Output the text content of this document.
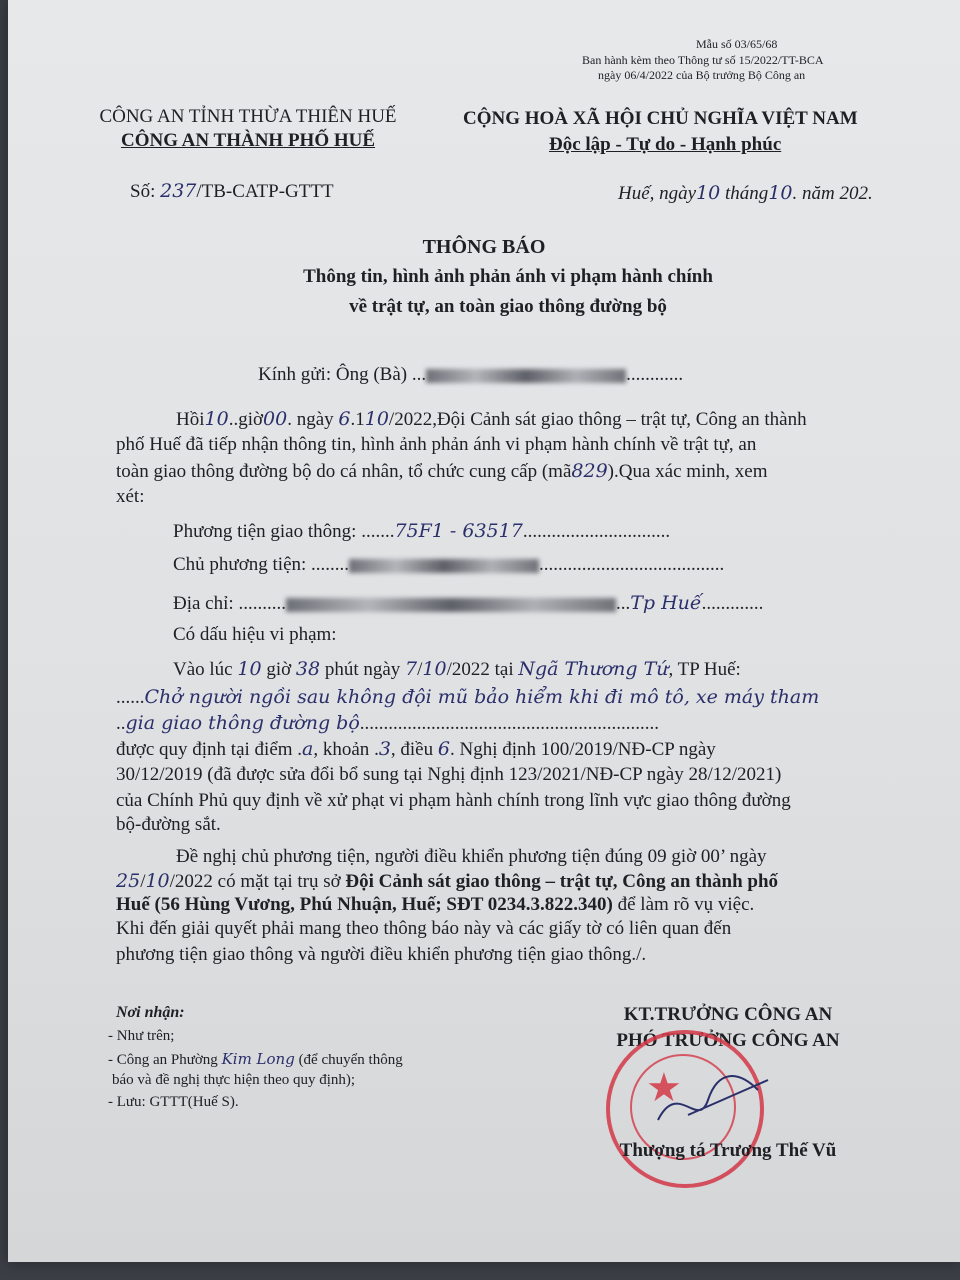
Mẫu số 03/65/68
Ban hành kèm theo Thông tư số 15/2022/TT-BCA
ngày 06/4/2022 của Bộ trưởng Bộ Công an
CÔNG AN TỈNH THỪA THIÊN HUẾ
CÔNG AN THÀNH PHỐ HUẾ
CỘNG HOÀ XÃ HỘI CHỦ NGHĨA VIỆT NAM
Độc lập - Tự do - Hạnh phúc
Số: 237/TB-CATP-GTTT	Huế, ngày10 tháng10. năm 202.
THÔNG BÁO
Thông tin, hình ảnh phản ánh vi phạm hành chính
về trật tự, an toàn giao thông đường bộ
Kính gửi: Ông (Bà) ...	............
Hồi10..giờ00. ngày 6.110/2022,Đội Cảnh sát giao thông – trật tự, Công an thành
phố Huế đã tiếp nhận thông tin, hình ảnh phản ánh vi phạm hành chính về trật tự, an
toàn giao thông đường bộ do cá nhân, tổ chức cung cấp (mã829).Qua xác minh, xem
xét:
Phương tiện giao thông: .......75F1 - 63517...............................
Chủ phương tiện: ........	.......................................
Địa chỉ: ..........	...Tp Huế.............
Có dấu hiệu vi phạm:
Vào lúc 10 giờ 38 phút ngày 7/10/2022 tại Ngã Thương Tứ, TP Huế:
......Chở người ngồi sau không đội mũ bảo hiểm khi đi mô tô, xe máy tham
..gia giao thông đường bộ...............................................................
được quy định tại điểm .a, khoản .3, điều 6. Nghị định 100/2019/NĐ-CP ngày
30/12/2019 (đã được sửa đổi bổ sung tại Nghị định 123/2021/NĐ-CP ngày 28/12/2021)
của Chính Phủ quy định về xử phạt vi phạm hành chính trong lĩnh vực giao thông đường
bộ-đường sắt.
Đề nghị chủ phương tiện, người điều khiển phương tiện đúng 09 giờ 00’ ngày
25/10/2022 có mặt tại trụ sở Đội Cảnh sát giao thông – trật tự, Công an thành phố
Huế (56 Hùng Vương, Phú Nhuận, Huế; SĐT 0234.3.822.340) để làm rõ vụ việc.
Khi đến giải quyết phải mang theo thông báo này và các giấy tờ có liên quan đến
phương tiện giao thông và người điều khiển phương tiện giao thông./.
Nơi nhận:
- Như trên;
- Công an Phường Kim Long (để chuyển thông
báo và đề nghị thực hiện theo quy định);
- Lưu: GTTT(Huế S).
KT.TRƯỞNG CÔNG AN
PHÓ TRƯỞNG CÔNG AN
★
Thượng tá Trương Thế Vũ
